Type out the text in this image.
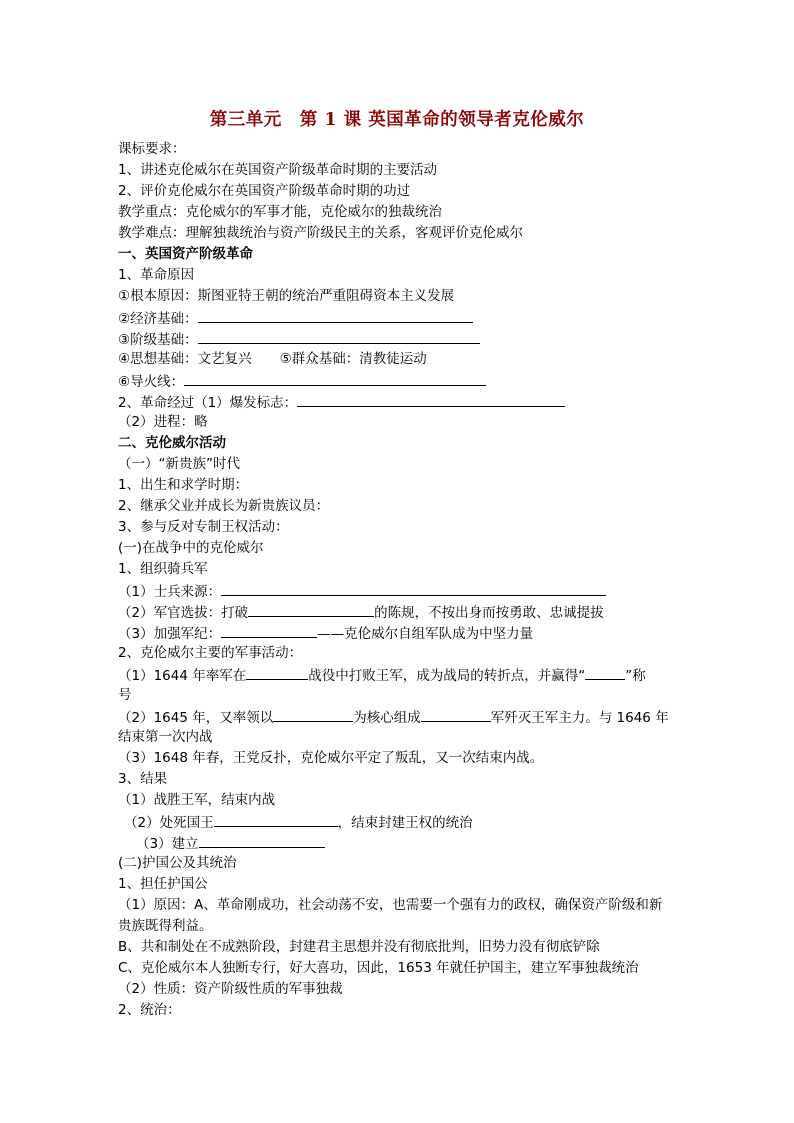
第三单元　第 1 课 英国革命的领导者克伦威尔
课标要求：
1、讲述克伦威尔在英国资产阶级革命时期的主要活动
2、评价克伦威尔在英国资产阶级革命时期的功过
教学重点：克伦威尔的军事才能，克伦威尔的独裁统治
教学难点：理解独裁统治与资产阶级民主的关系，客观评价克伦威尔
一、英国资产阶级革命
1、革命原因
①根本原因：斯图亚特王朝的统治严重阻碍资本主义发展
②经济基础：
③阶级基础：
④思想基础：文艺复兴 ⑤群众基础：清教徒运动
⑥导火线：
2、革命经过（1）爆发标志：
（2）进程：略
二、克伦威尔活动
（一）“新贵族”时代
1、出生和求学时期：
2、继承父业并成长为新贵族议员：
3、参与反对专制王权活动：
(一)在战争中的克伦威尔
1、组织骑兵军
（1）士兵来源：
（2）军官选拔：打破	的陈规，不按出身而按勇敢、忠诚提拔
（3）加强军纪：	——克伦威尔自组军队成为中坚力量
2、克伦威尔主要的军事活动：
（1）1644 年率军在	战役中打败王军，成为战局的转折点，并赢得“	”称
号
（2）1645 年，又率领以	为核心组成	军歼灭王军主力。与 1646 年
结束第一次内战
（3）1648 年春，王党反扑，克伦威尔平定了叛乱，又一次结束内战。
3、结果
（1）战胜王军，结束内战
（2）处死国王	，结束封建王权的统治
（3）建立
(二)护国公及其统治
1、担任护国公
（1）原因：A、革命刚成功，社会动荡不安，也需要一个强有力的政权，确保资产阶级和新
贵族既得利益。
B、共和制处在不成熟阶段，封建君主思想并没有彻底批判，旧势力没有彻底铲除
C、克伦威尔本人独断专行，好大喜功，因此，1653 年就任护国主，建立军事独裁统治
（2）性质：资产阶级性质的军事独裁
2、统治：
